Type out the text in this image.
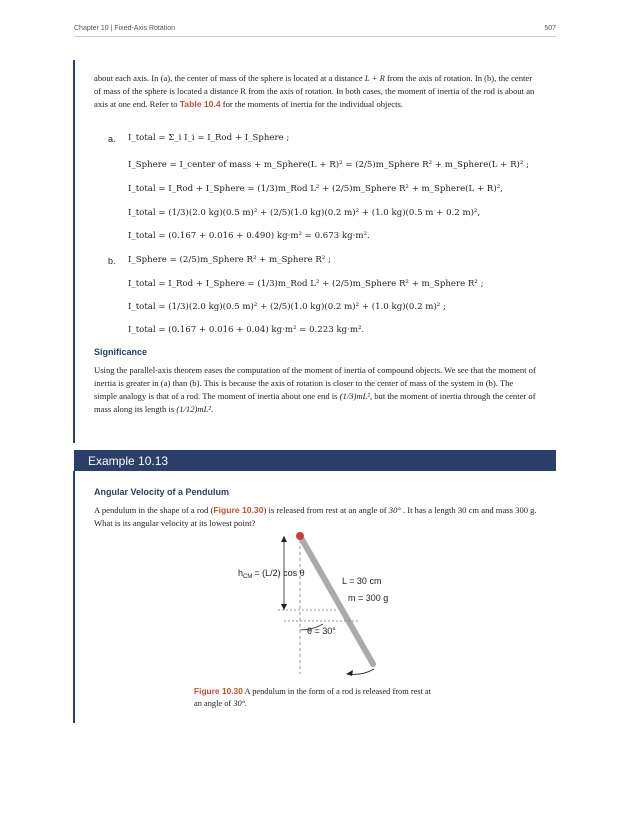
Chapter 10 | Fixed-Axis Rotation	507
about each axis. In (a), the center of mass of the sphere is located at a distance L + R from the axis of rotation. In (b), the center of mass of the sphere is located a distance R from the axis of rotation. In both cases, the moment of inertia of the rod is about an axis at one end. Refer to Table 10.4 for the moments of inertia for the individual objects.
a. I_total = Σ_i I_i = I_Rod + I_Sphere ;
I_Sphere = I_center of mass + m_Sphere(L + R)² = (2/5)m_Sphere R² + m_Sphere(L + R)² ;
I_total = I_Rod + I_Sphere = (1/3)m_Rod L² + (2/5)m_Sphere R² + m_Sphere(L + R)²,
I_total = (1/3)(2.0 kg)(0.5 m)² + (2/5)(1.0 kg)(0.2 m)² + (1.0 kg)(0.5 m + 0.2 m)²,
I_total = (0.167 + 0.016 + 0.490) kg·m² = 0.673 kg·m².
b. I_Sphere = (2/5)m_Sphere R² + m_Sphere R² ;
I_total = I_Rod + I_Sphere = (1/3)m_Rod L² + (2/5)m_Sphere R² + m_Sphere R² ;
I_total = (1/3)(2.0 kg)(0.5 m)² + (2/5)(1.0 kg)(0.2 m)² + (1.0 kg)(0.2 m)² ;
I_total = (0.167 + 0.016 + 0.04) kg·m² = 0.223 kg·m².
Significance
Using the parallel-axis theorem eases the computation of the moment of inertia of compound objects. We see that the moment of inertia is greater in (a) than (b). This is because the axis of rotation is closer to the center of mass of the system in (b). The simple analogy is that of a rod. The moment of inertia about one end is (1/3)mL², but the moment of inertia through the center of mass along its length is (1/12)mL².
Example 10.13
Angular Velocity of a Pendulum
A pendulum in the shape of a rod (Figure 10.30) is released from rest at an angle of 30° . It has a length 30 cm and mass 300 g. What is its angular velocity at its lowest point?
$h_{CM} = (L/2)$ cos θ
L = 30 cm
m = 300 g
θ = 30°
Figure 10.30 A pendulum in the form of a rod is released from rest at an angle of 30°.
